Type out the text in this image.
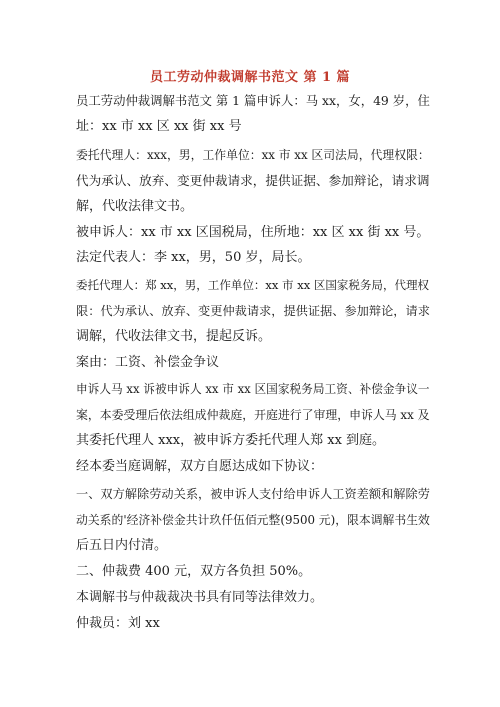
员工劳动仲裁调解书范文 第 1 篇
员工劳动仲裁调解书范文 第 1 篇申诉人：马 xx，女，49 岁，住
址：xx 市 xx 区 xx 街 xx 号
委托代理人：xxx，男，工作单位：xx 市 xx 区司法局，代理权限：
代为承认、放弃、变更仲裁请求，提供证据、参加辩论，请求调
解，代收法律文书。
被申诉人：xx 市 xx 区国税局，住所地：xx 区 xx 街 xx 号。
法定代表人：李 xx，男，50 岁，局长。
委托代理人：郑 xx，男，工作单位：xx 市 xx 区国家税务局，代理权
限：代为承认、放弃、变更仲裁请求，提供证据、参加辩论，请求
调解，代收法律文书，提起反诉。
案由：工资、补偿金争议
申诉人马 xx 诉被申诉人 xx 市 xx 区国家税务局工资、补偿金争议一
案，本委受理后依法组成仲裁庭，开庭进行了审理，申诉人马 xx 及
其委托代理人 xxx，被申诉方委托代理人郑 xx 到庭。
经本委当庭调解，双方自愿达成如下协议：
一、双方解除劳动关系，被申诉人支付给申诉人工资差额和解除劳
动关系的'经济补偿金共计玖仟伍佰元整(9500 元)，限本调解书生效
后五日内付清。
二、仲裁费 400 元，双方各负担 50%。
本调解书与仲裁裁决书具有同等法律效力。
仲裁员：刘 xx
